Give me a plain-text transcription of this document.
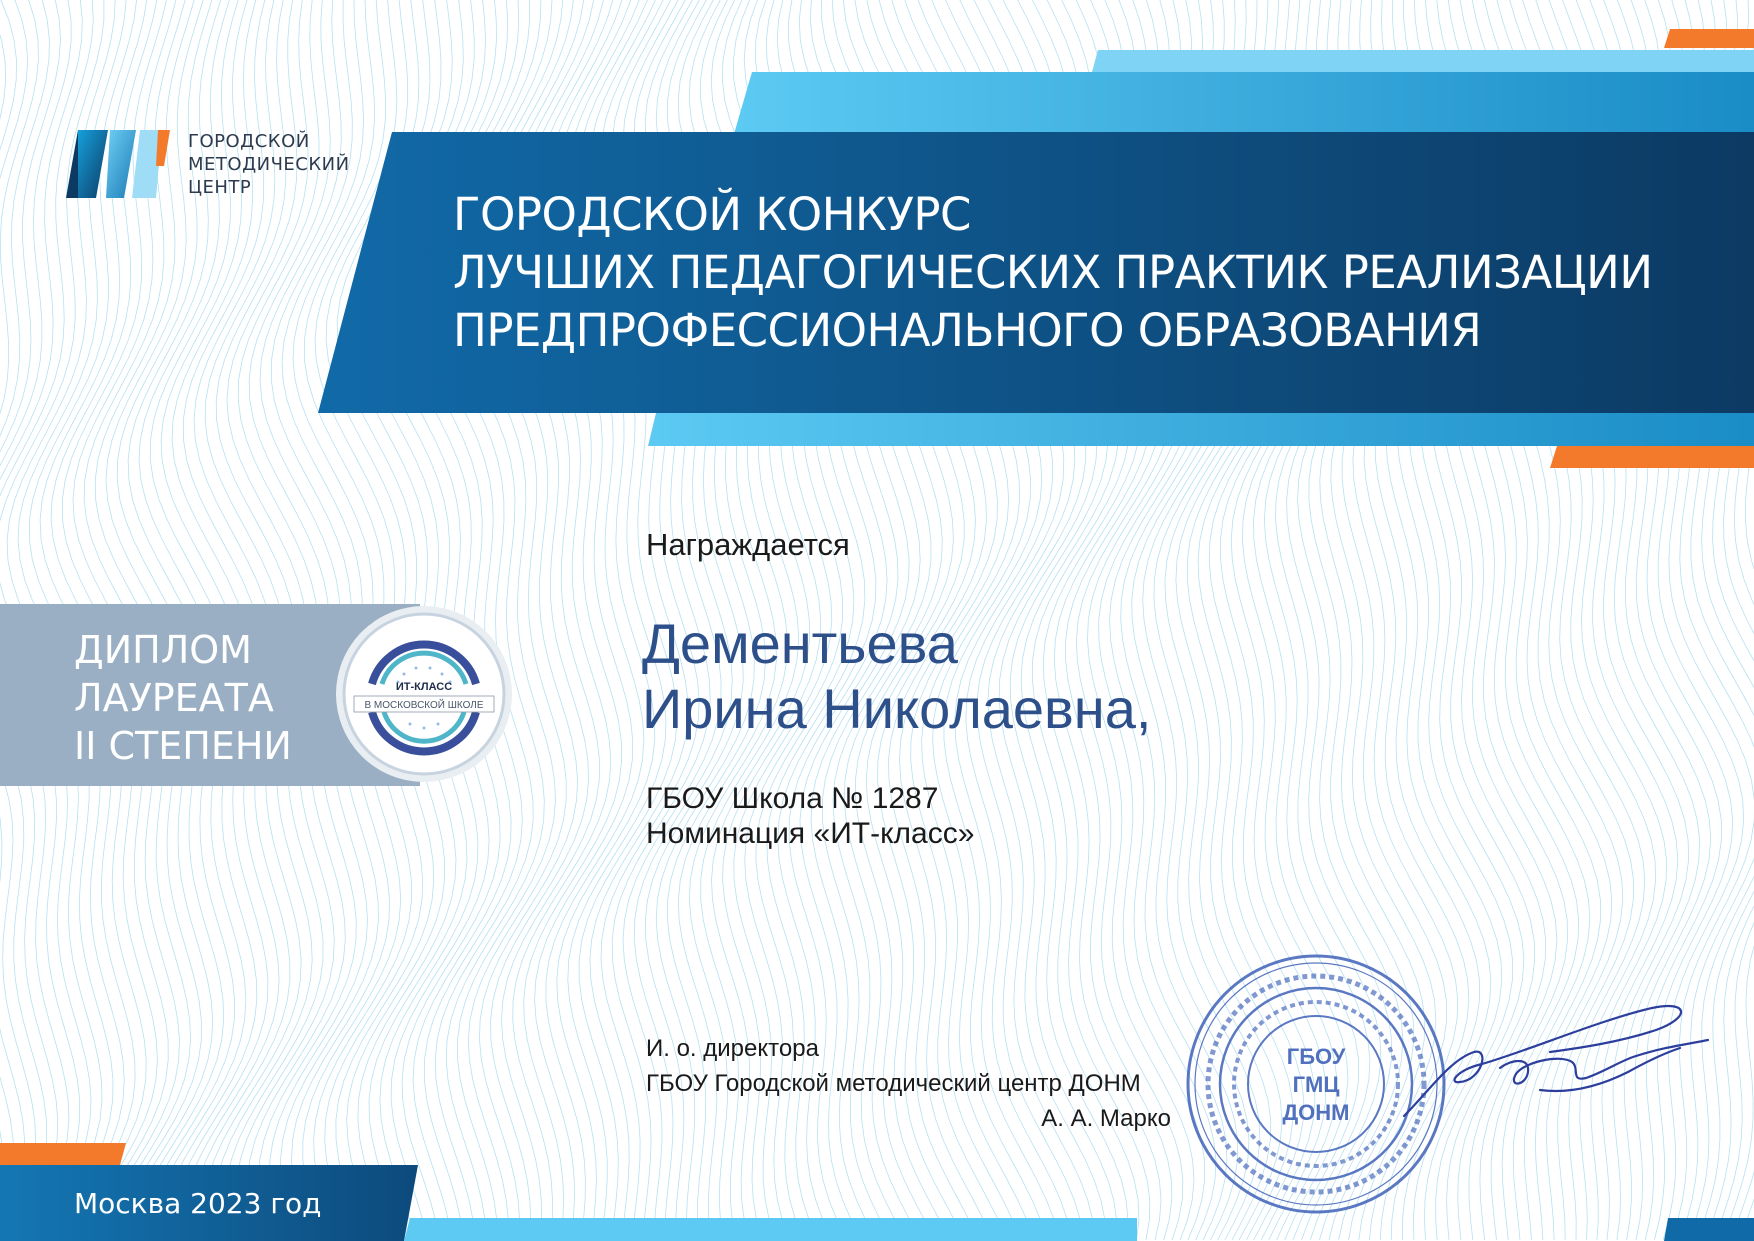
ГОРОДСКОЙ
МЕТОДИЧЕСКИЙ
ЦЕНТР
ГОРОДСКОЙ КОНКУРС
ЛУЧШИХ ПЕДАГОГИЧЕСКИХ ПРАКТИК РЕАЛИЗАЦИИ
ПРЕДПРОФЕССИОНАЛЬНОГО ОБРАЗОВАНИЯ
ДИПЛОМ
ЛАУРЕАТА
II СТЕПЕНИ
ИТ-КЛАСС
В МОСКОВСКОЙ ШКОЛЕ
Награждается
Дементьева
Ирина Николаевна,
ГБОУ Школа № 1287
Номинация «ИТ-класс»
И. о. директора
ГБОУ Городской методический центр ДОНМ
А. А. Марко
ГБОУ
ГМЦ
ДОНМ
Москва 2023 год
